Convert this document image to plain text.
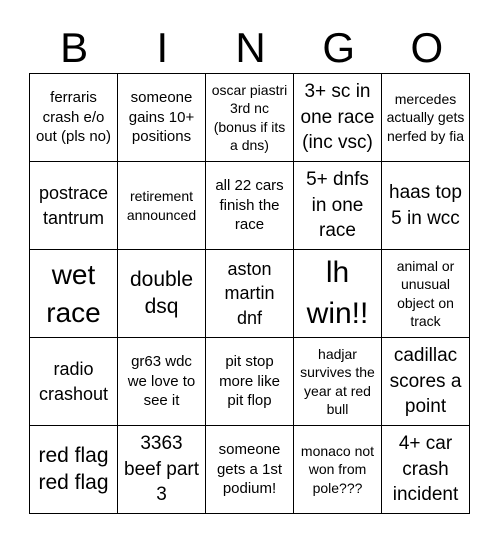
B	I	N	G	O
ferraris crash e/o out (pls no)
someone gains 10+ positions
oscar piastri 3rd nc (bonus if its a dns)
3+ sc in one race (inc vsc)
mercedes actually gets nerfed by fia
postrace tantrum
retirement announced
all 22 cars finish the race
5+ dnfs in one race
haas top 5 in wcc
wet race
double dsq
aston martin dnf
lh win!!
animal or unusual object on track
radio crashout
gr63 wdc we love to see it
pit stop more like pit flop
hadjar survives the year at red bull
cadillac scores a point
red flag red flag
3363 beef part 3
someone gets a 1st podium!
monaco not won from pole???
4+ car crash incident
